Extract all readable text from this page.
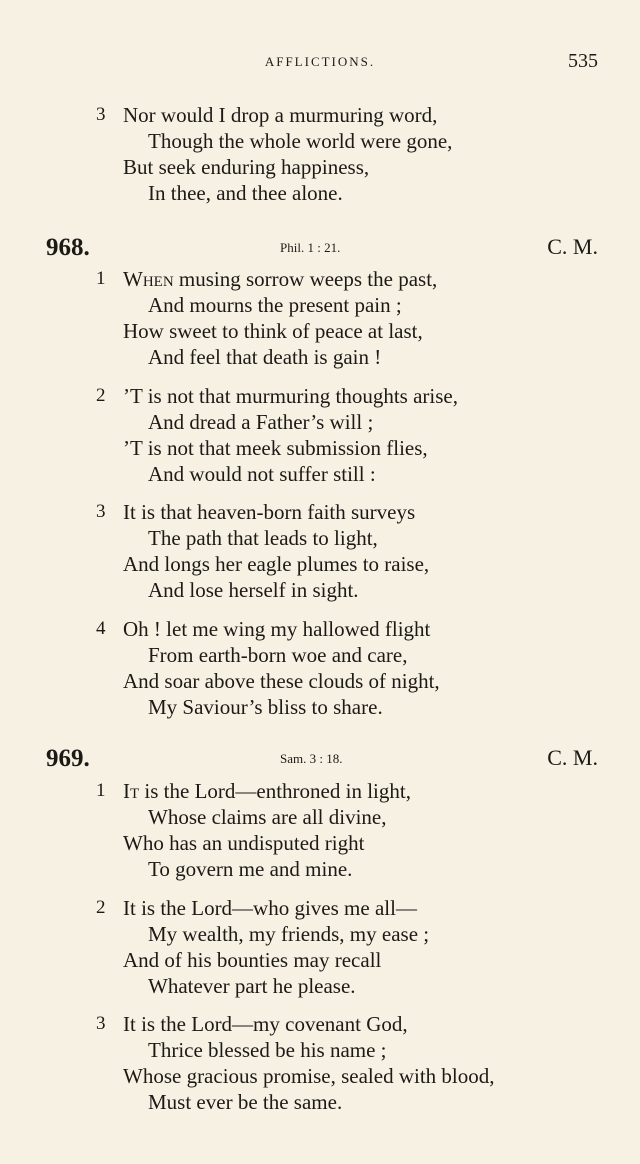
AFFLICTIONS.	535
3 Nor would I drop a murmuring word,
Though the whole world were gone,
But seek enduring happiness,
In thee, and thee alone.
968.	Phil. 1 : 21.	C. M.
1 When musing sorrow weeps the past,
And mourns the present pain ;
How sweet to think of peace at last,
And feel that death is gain !
2 ’T is not that murmuring thoughts arise,
And dread a Father’s will ;
’T is not that meek submission flies,
And would not suffer still :
3 It is that heaven-born faith surveys
The path that leads to light,
And longs her eagle plumes to raise,
And lose herself in sight.
4 Oh ! let me wing my hallowed flight
From earth-born woe and care,
And soar above these clouds of night,
My Saviour’s bliss to share.
969.	Sam. 3 : 18.	C. M.
1 It is the Lord—enthroned in light,
Whose claims are all divine,
Who has an undisputed right
To govern me and mine.
2 It is the Lord—who gives me all—
My wealth, my friends, my ease ;
And of his bounties may recall
Whatever part he please.
3 It is the Lord—my covenant God,
Thrice blessed be his name ;
Whose gracious promise, sealed with blood,
Must ever be the same.
